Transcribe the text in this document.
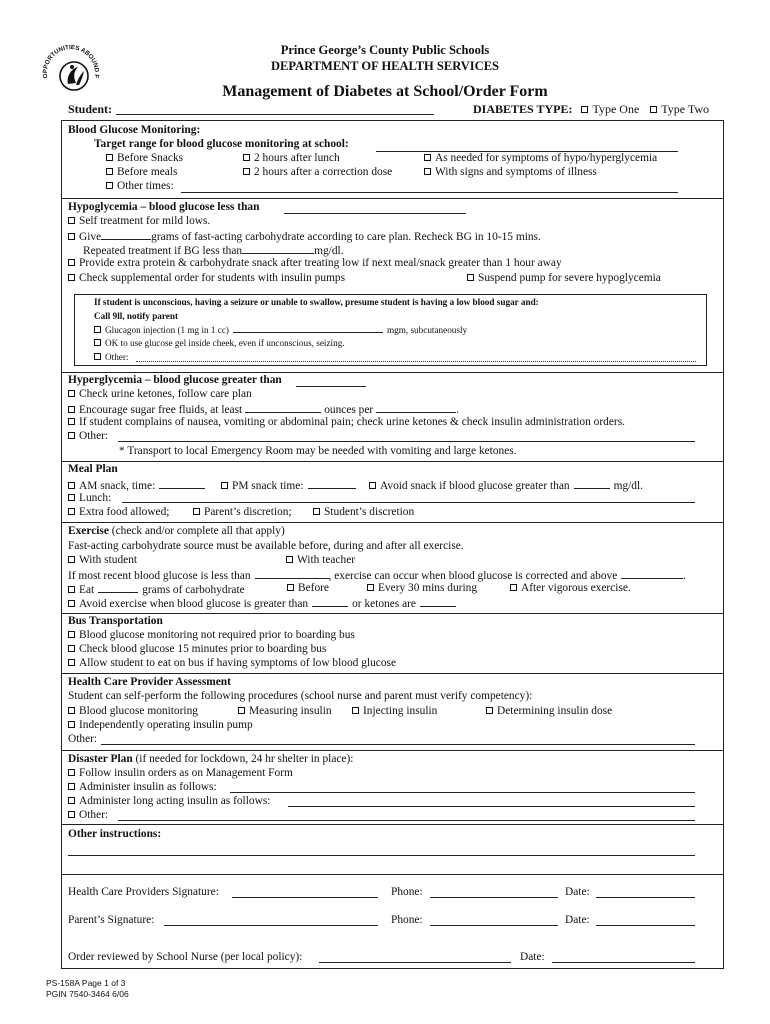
OPPORTUNITIES ABOUND F
Prince George’s County Public Schools
DEPARTMENT OF HEALTH SERVICES
Management of Diabetes at School/Order Form
Student:	DIABETES TYPE: Type One Type Two
Blood Glucose Monitoring:
Target range for blood glucose monitoring at school:
Before Snacks	2 hours after lunch	As needed for symptoms of hypo/hyperglycemia
Before meals	2 hours after a correction dose	With signs and symptoms of illness
Other times:
Hypoglycemia – blood glucose less than
Self treatment for mild lows.
Give	grams of fast-acting carbohydrate according to care plan. Recheck BG in 10-15 mins.
Repeated treatment if BG less than	mg/dl.
Provide extra protein & carbohydrate snack after treating low if next meal/snack greater than 1 hour away
Check supplemental order for students with insulin pumps	Suspend pump for severe hypoglycemia
If student is unconscious, having a seizure or unable to swallow, presume student is having a low blood sugar and:
Call 9ll, notify parent
Glucagon injection (1 mg in 1 cc)	mgm, subcutaneously
OK to use glucose gel inside cheek, even if unconscious, seizing.
Other:
Hyperglycemia – blood glucose greater than
Check urine ketones, follow care plan
Encourage sugar free fluids, at least	ounces per	.
If student complains of nausea, vomiting or abdominal pain; check urine ketones & check insulin administration orders.
Other:
* Transport to local Emergency Room may be needed with vomiting and large ketones.
Meal Plan
AM snack, time:	PM snack time:	Avoid snack if blood glucose greater than	mg/dl.
Lunch:
Extra food allowed;	Parent’s discretion;	Student’s discretion
Exercise (check and/or complete all that apply)
Fast-acting carbohydrate source must be available before, during and after all exercise.
With student	With teacher
If most recent blood glucose is less than	, exercise can occur when blood glucose is corrected and above	.
Eat	grams of carbohydrate	Before	Every 30 mins during	After vigorous exercise.
Avoid exercise when blood glucose is greater than	or ketones are
Bus Transportation
Blood glucose monitoring not required prior to boarding bus
Check blood glucose 15 minutes prior to boarding bus
Allow student to eat on bus if having symptoms of low blood glucose
Health Care Provider Assessment
Student can self-perform the following procedures (school nurse and parent must verify competency):
Blood glucose monitoring	Measuring insulin	Injecting insulin	Determining insulin dose
Independently operating insulin pump
Other:
Disaster Plan (if needed for lockdown, 24 hr shelter in place):
Follow insulin orders as on Management Form
Administer insulin as follows:
Administer long acting insulin as follows:
Other:
Other instructions:
Health Care Providers Signature:	Phone:	Date:
Parent’s Signature:	Phone:	Date:
Order reviewed by School Nurse (per local policy):	Date:
PS-158A Page 1 of 3
PGIN 7540-3464 6/06
